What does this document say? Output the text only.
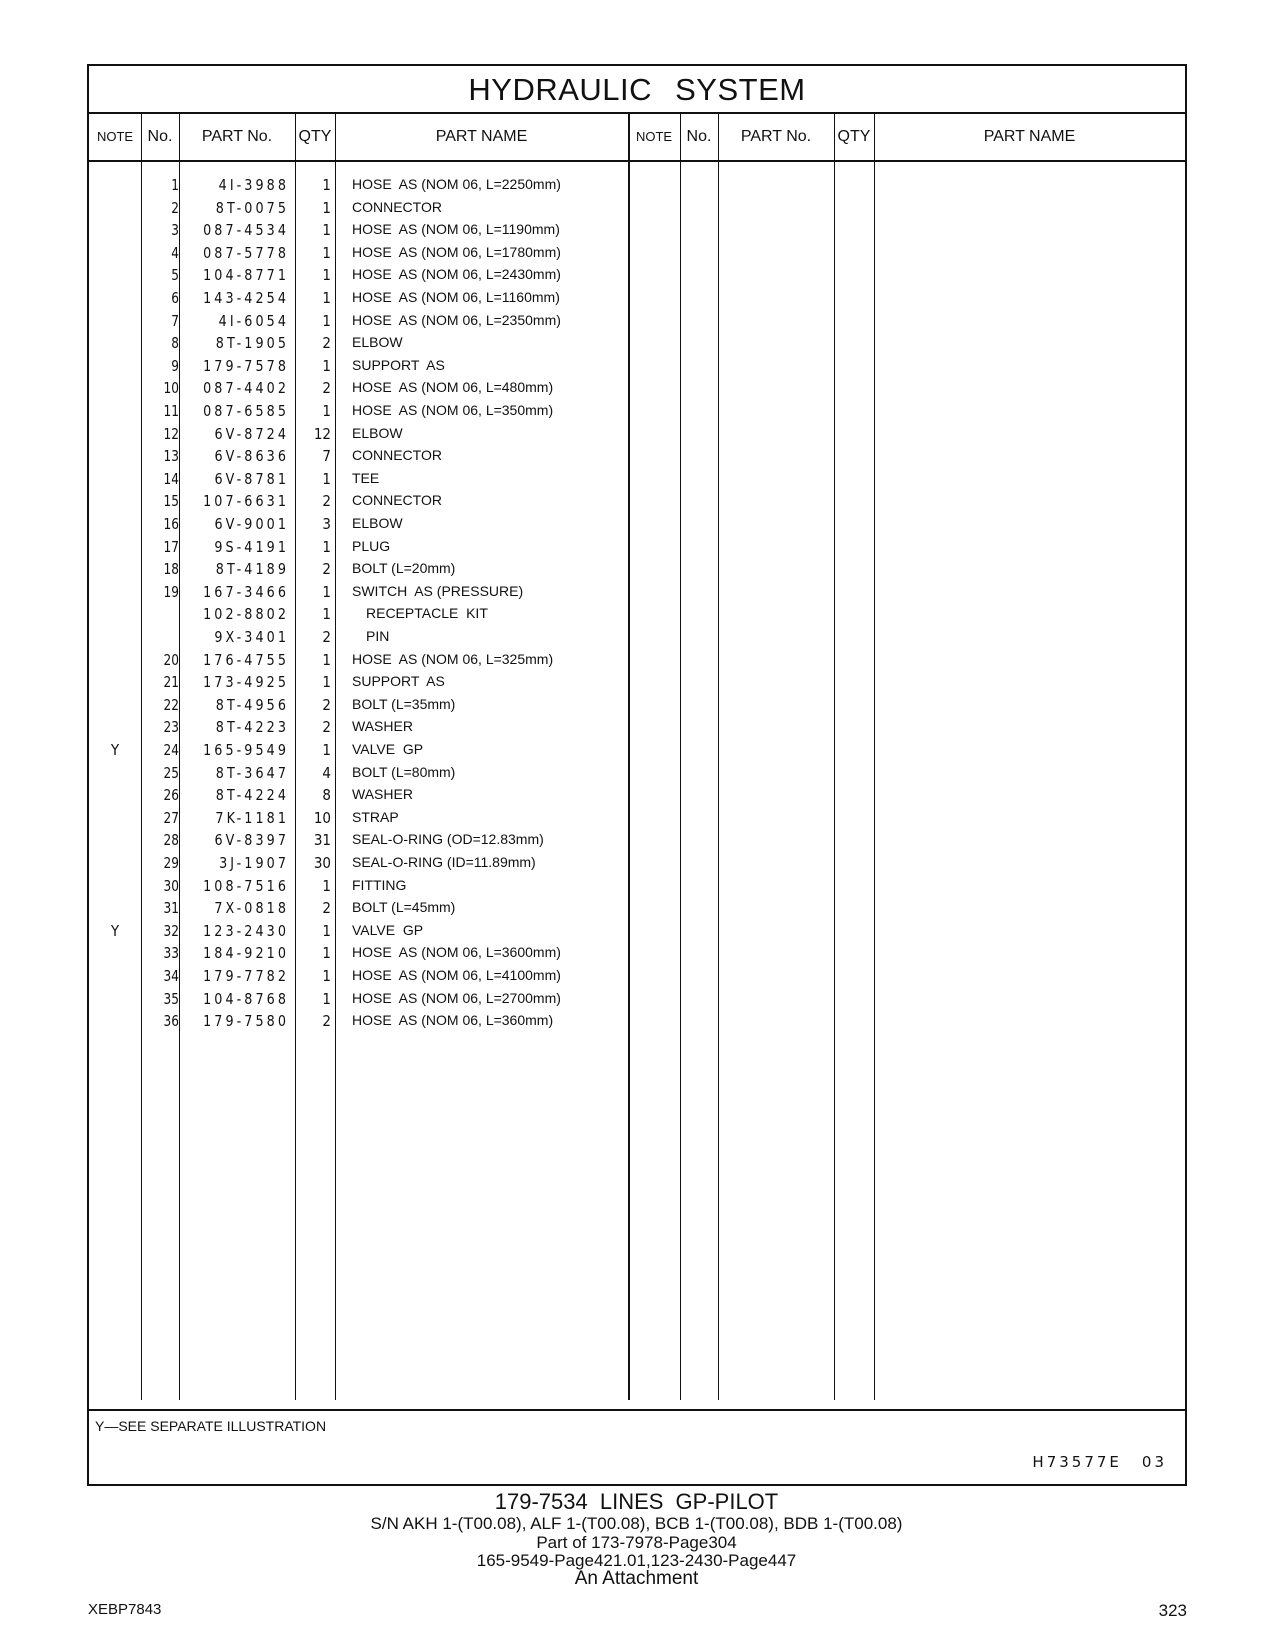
HYDRAULIC SYSTEM
NOTE No.	PART No.	QTY	PART NAME	NOTE No.	PART No.	QTY	PART NAME
1	4I-3988	1 HOSE  AS (NOM 06, L=2250mm)
2	8T-0075	1 CONNECTOR
3	087-4534	1 HOSE  AS (NOM 06, L=1190mm)
4	087-5778	1 HOSE  AS (NOM 06, L=1780mm)
5	104-8771	1 HOSE  AS (NOM 06, L=2430mm)
6	143-4254	1 HOSE  AS (NOM 06, L=1160mm)
7	4I-6054	1 HOSE  AS (NOM 06, L=2350mm)
8	8T-1905	2 ELBOW
9	179-7578	1 SUPPORT  AS
10	087-4402	2 HOSE  AS (NOM 06, L=480mm)
11	087-6585	1 HOSE  AS (NOM 06, L=350mm)
12	6V-8724	12 ELBOW
13	6V-8636	7 CONNECTOR
14	6V-8781	1 TEE
15	107-6631	2 CONNECTOR
16	6V-9001	3 ELBOW
17	9S-4191	1 PLUG
18	8T-4189	2 BOLT (L=20mm)
19	167-3466	1 SWITCH  AS (PRESSURE)
102-8802	1	RECEPTACLE  KIT
9X-3401	2	PIN
20	176-4755	1 HOSE  AS (NOM 06, L=325mm)
21	173-4925	1 SUPPORT  AS
22	8T-4956	2 BOLT (L=35mm)
23	8T-4223	2 WASHER
Y	24	165-9549	1 VALVE  GP
25	8T-3647	4 BOLT (L=80mm)
26	8T-4224	8 WASHER
27	7K-1181	10 STRAP
28	6V-8397	31 SEAL-O-RING (OD=12.83mm)
29	3J-1907	30 SEAL-O-RING (ID=11.89mm)
30	108-7516	1 FITTING
31	7X-0818	2 BOLT (L=45mm)
Y	32	123-2430	1 VALVE  GP
33	184-9210	1 HOSE  AS (NOM 06, L=3600mm)
34	179-7782	1 HOSE  AS (NOM 06, L=4100mm)
35	104-8768	1 HOSE  AS (NOM 06, L=2700mm)
36	179-7580	2 HOSE  AS (NOM 06, L=360mm)
Y—SEE SEPARATE ILLUSTRATION
H73577E 03
179-7534 LINES GP-PILOT
S/N AKH 1-(T00.08), ALF 1-(T00.08), BCB 1-(T00.08), BDB 1-(T00.08)
Part of 173-7978-Page304
165-9549-Page421.01,123-2430-Page447
An Attachment
XEBP7843	323
